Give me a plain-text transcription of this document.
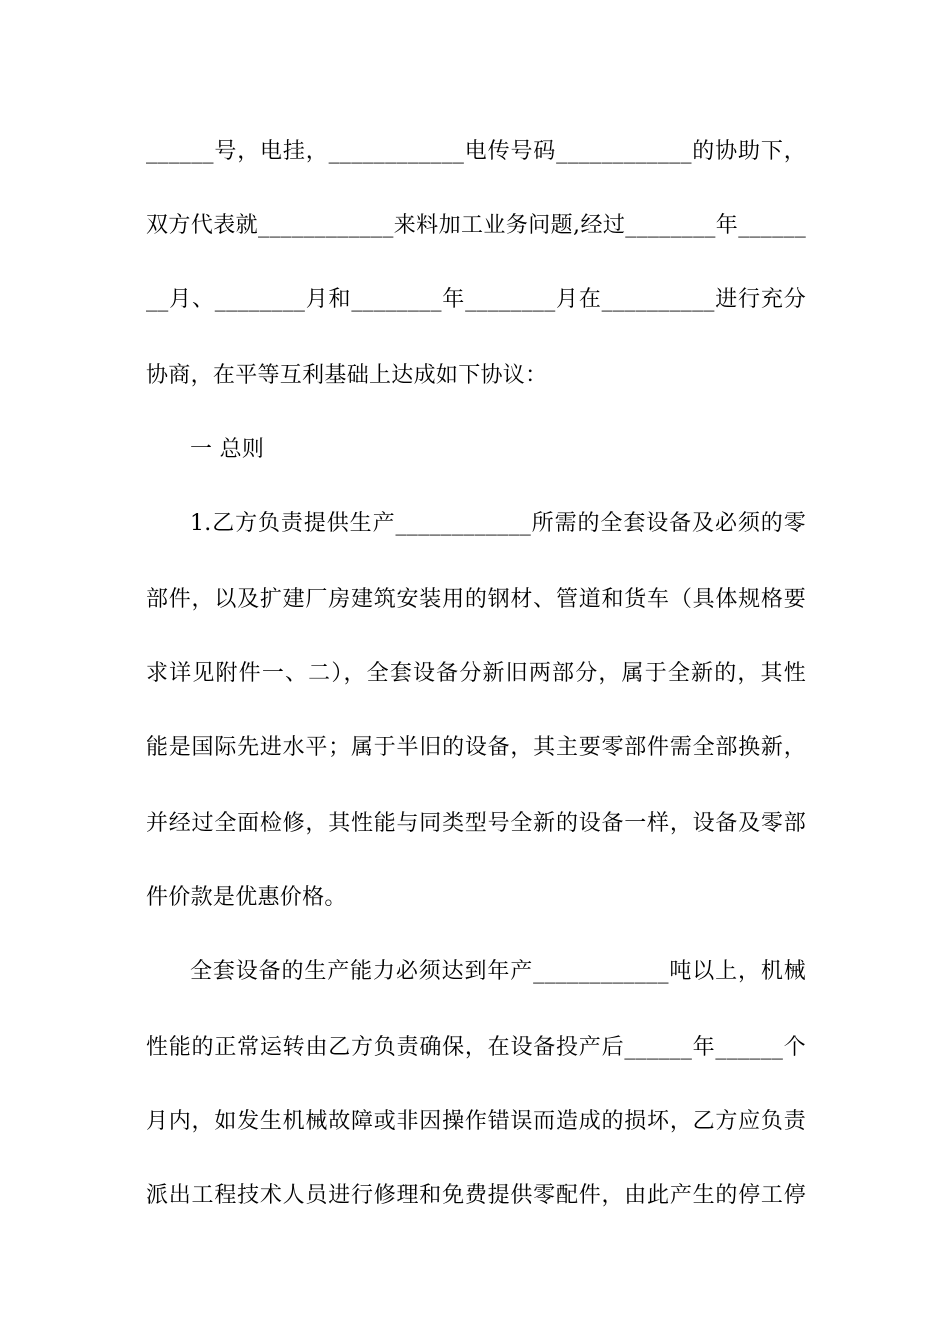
______号，电挂，____________电传号码____________的协助下，
双方代表就____________来料加工业务问题,经过________年______
__月、________月和________年________月在__________进行充分
协商，在平等互利基础上达成如下协议：
一 总则
1.乙方负责提供生产____________所需的全套设备及必须的零
部件，以及扩建厂房建筑安装用的钢材、管道和货车（具体规格要
求详见附件一、二），全套设备分新旧两部分，属于全新的，其性
能是国际先进水平；属于半旧的设备，其主要零部件需全部换新，
并经过全面检修，其性能与同类型号全新的设备一样，设备及零部
件价款是优惠价格。
全套设备的生产能力必须达到年产____________吨以上，机械
性能的正常运转由乙方负责确保，在设备投产后______年______个
月内，如发生机械故障或非因操作错误而造成的损坏，乙方应负责
派出工程技术人员进行修理和免费提供零配件，由此产生的停工停
